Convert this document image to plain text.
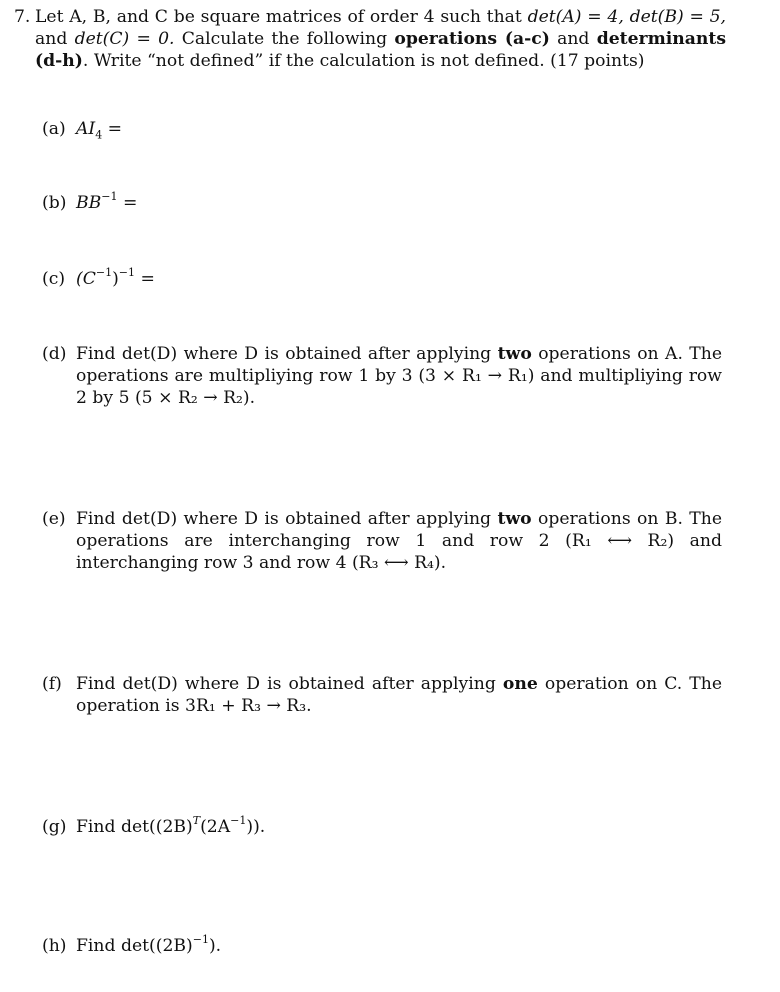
7. Let A, B, and C be square matrices of order 4 such that det(A) = 4, det(B) = 5, and det(C) = 0. Calculate the following operations (a-c) and determinants (d-h). Write “not defined” if the calculation is not defined. (17 points)
(a) $AI_4$ =
(b) $BB^{-1}$ =
(c) $(C^{-1})^{-1}$ =
(d) Find det(D) where D is obtained after applying two operations on A. The operations are multipliying row 1 by 3 (3 × R₁ → R₁) and multipliying row 2 by 5 (5 × R₂ → R₂).
(e) Find det(D) where D is obtained after applying two operations on B. The operations are interchanging row 1 and row 2 (R₁ ⟷ R₂) and interchanging row 3 and row 4 (R₃ ⟷ R₄).
(f) Find det(D) where D is obtained after applying one operation on C. The operation is 3R₁ + R₃ → R₃.
(g) Find $\det((2B)^T(2A^{-1}))$.
(h) Find $\det((2B)^{-1})$.
